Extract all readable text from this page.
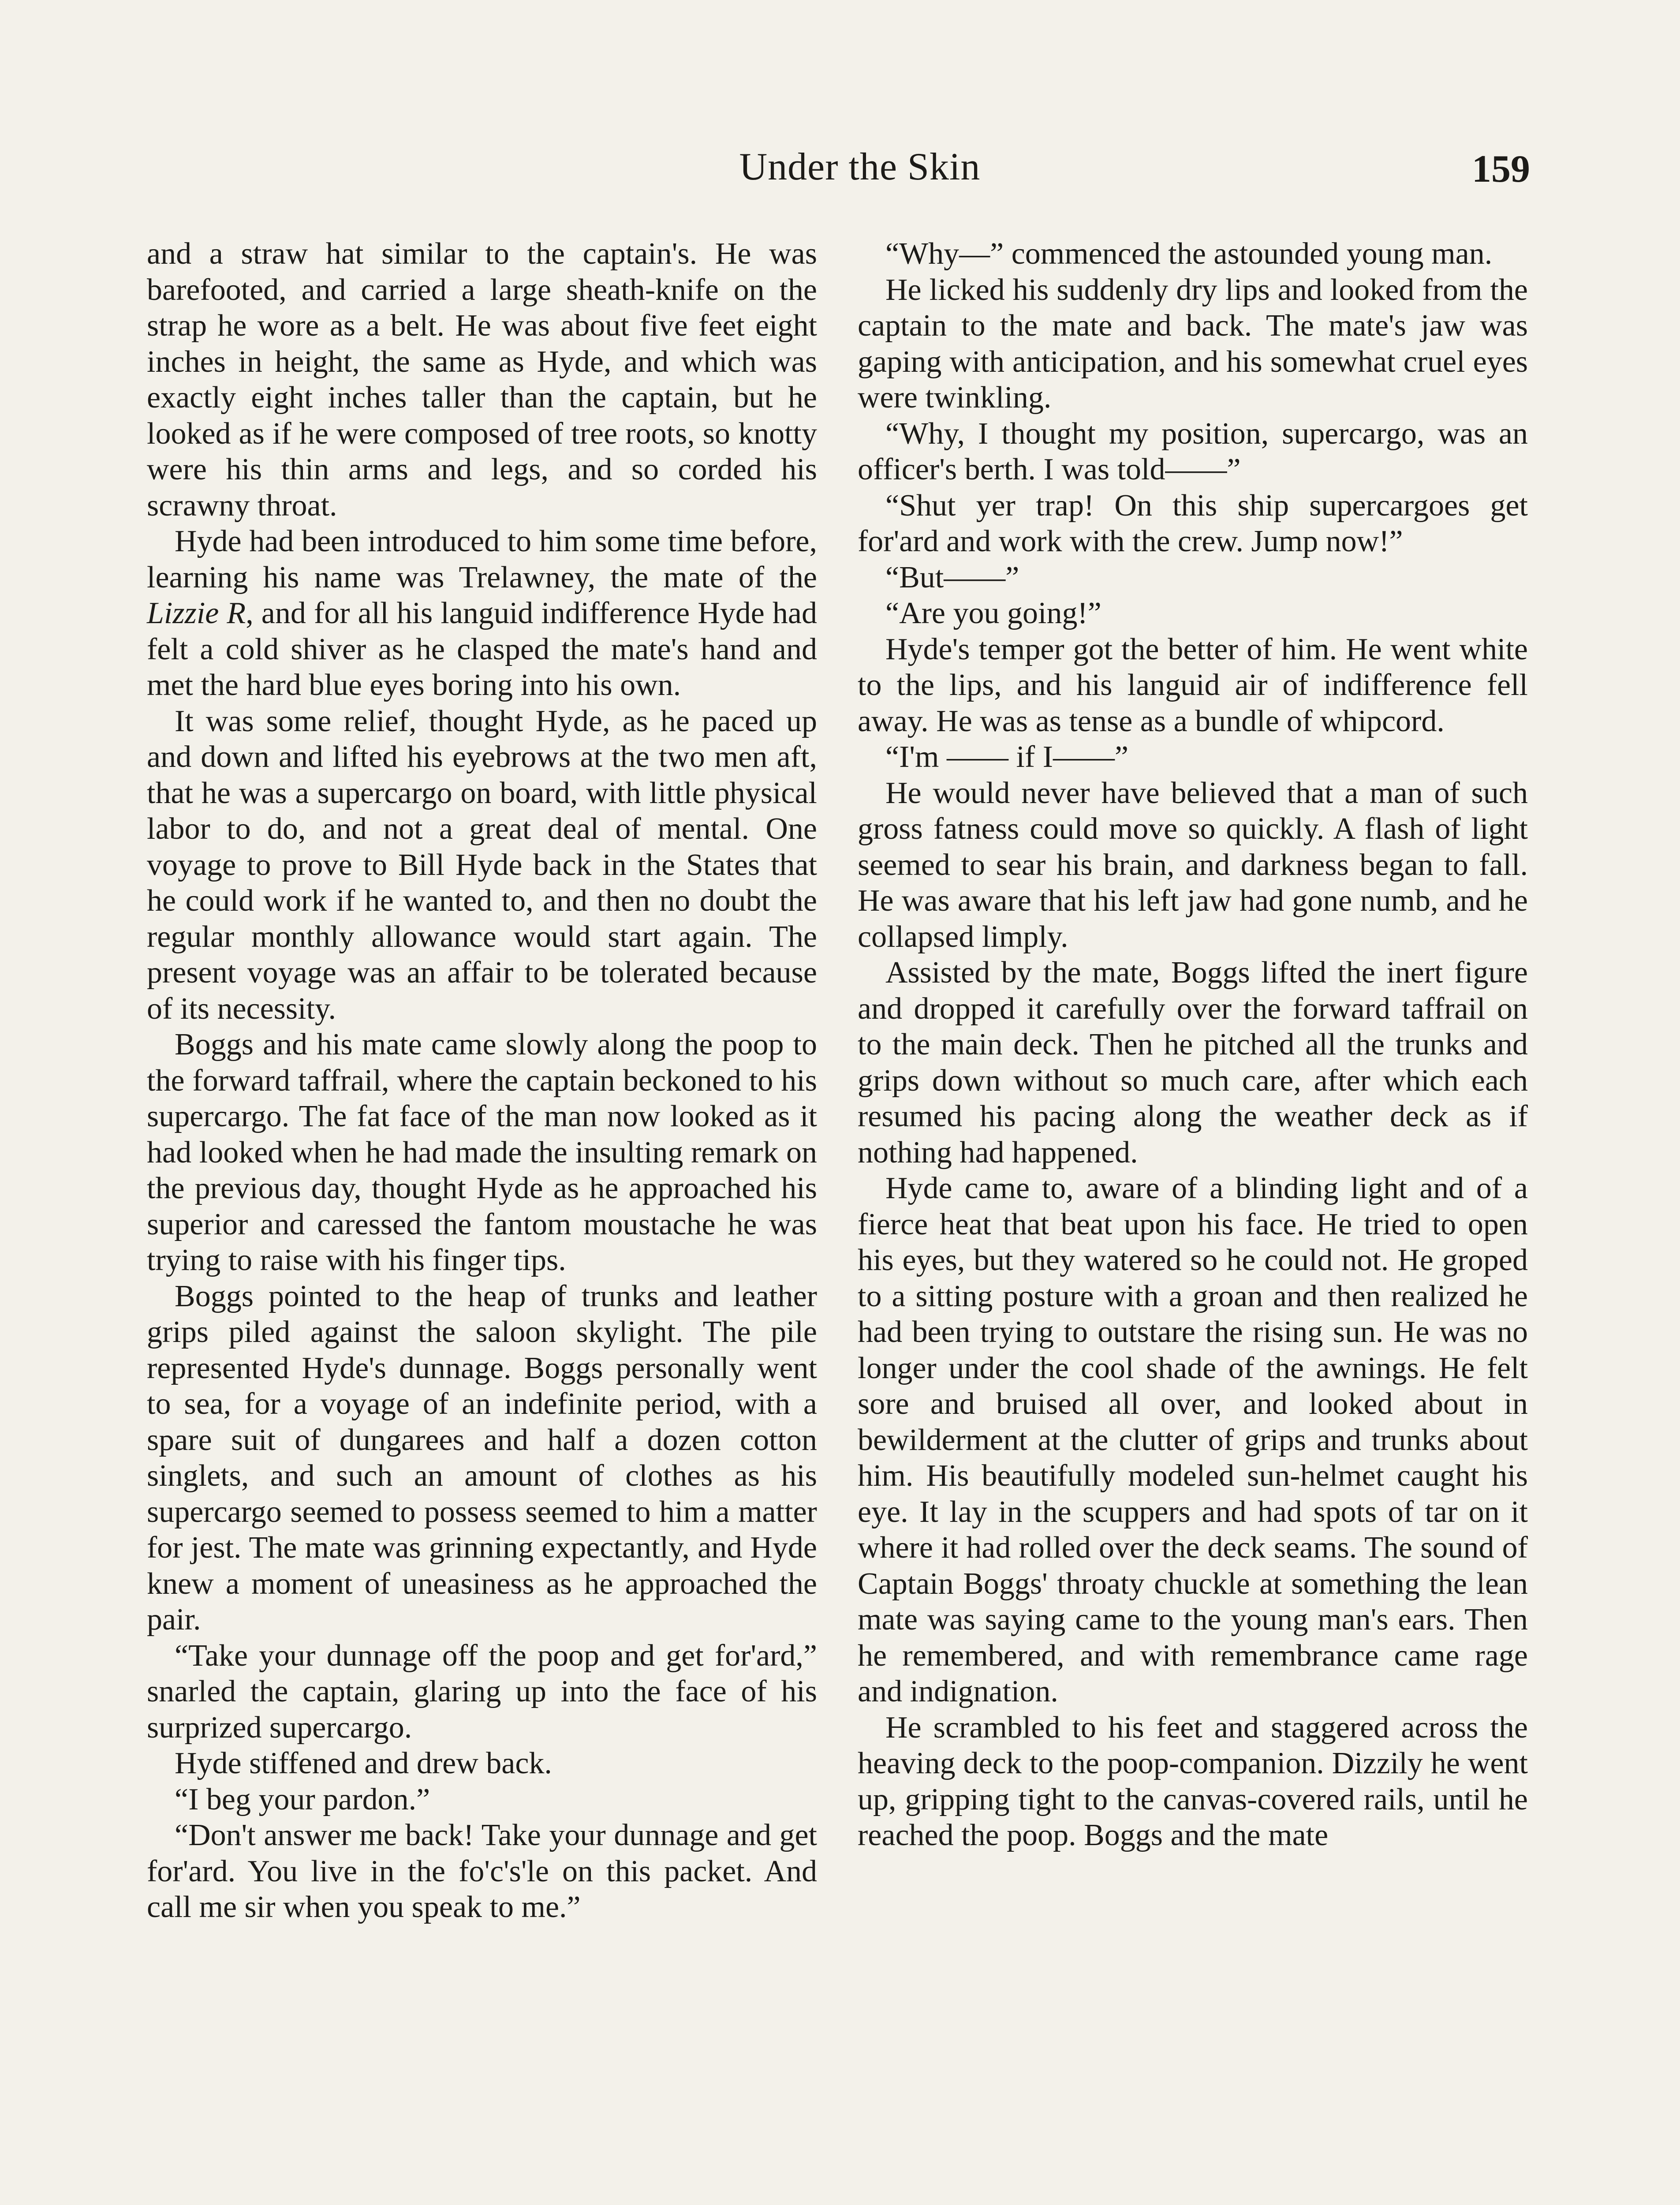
Under the Skin	159

and a straw hat similar to the captain's. He was barefooted, and carried a large sheath-knife on the strap he wore as a belt. He was about five feet eight inches in height, the same as Hyde, and which was exactly eight inches taller than the captain, but he looked as if he were composed of tree roots, so knotty were his thin arms and legs, and so corded his scrawny throat.

Hyde had been introduced to him some time before, learning his name was Trelawney, the mate of the Lizzie R, and for all his languid indifference Hyde had felt a cold shiver as he clasped the mate's hand and met the hard blue eyes boring into his own.

It was some relief, thought Hyde, as he paced up and down and lifted his eyebrows at the two men aft, that he was a supercargo on board, with little physical labor to do, and not a great deal of mental. One voyage to prove to Bill Hyde back in the States that he could work if he wanted to, and then no doubt the regular monthly allowance would start again. The present voyage was an affair to be tolerated because of its necessity.

Boggs and his mate came slowly along the poop to the forward taffrail, where the captain beckoned to his supercargo. The fat face of the man now looked as it had looked when he had made the insulting remark on the previous day, thought Hyde as he approached his superior and caressed the fantom moustache he was trying to raise with his finger tips.

Boggs pointed to the heap of trunks and leather grips piled against the saloon skylight. The pile represented Hyde's dunnage. Boggs personally went to sea, for a voyage of an indefinite period, with a spare suit of dungarees and half a dozen cotton singlets, and such an amount of clothes as his supercargo seemed to possess seemed to him a matter for jest. The mate was grinning expectantly, and Hyde knew a moment of uneasiness as he approached the pair.

“Take your dunnage off the poop and get for'ard,” snarled the captain, glaring up into the face of his surprized supercargo.

Hyde stiffened and drew back.

“I beg your pardon.”

“Don't answer me back! Take your dunnage and get for'ard. You live in the fo'c's'le on this packet. And call me sir when you speak to me.”

“Why—” commenced the astounded young man.

He licked his suddenly dry lips and looked from the captain to the mate and back. The mate's jaw was gaping with anticipation, and his somewhat cruel eyes were twinkling.

“Why, I thought my position, supercargo, was an officer's berth. I was told——”

“Shut yer trap! On this ship supercargoes get for'ard and work with the crew. Jump now!”

“But——”

“Are you going!”

Hyde's temper got the better of him. He went white to the lips, and his languid air of indifference fell away. He was as tense as a bundle of whipcord.

“I'm —— if I——”

He would never have believed that a man of such gross fatness could move so quickly. A flash of light seemed to sear his brain, and darkness began to fall. He was aware that his left jaw had gone numb, and he collapsed limply.

Assisted by the mate, Boggs lifted the inert figure and dropped it carefully over the forward taffrail on to the main deck. Then he pitched all the trunks and grips down without so much care, after which each resumed his pacing along the weather deck as if nothing had happened.

Hyde came to, aware of a blinding light and of a fierce heat that beat upon his face. He tried to open his eyes, but they watered so he could not. He groped to a sitting posture with a groan and then realized he had been trying to outstare the rising sun. He was no longer under the cool shade of the awnings. He felt sore and bruised all over, and looked about in bewilderment at the clutter of grips and trunks about him. His beautifully modeled sun-helmet caught his eye. It lay in the scuppers and had spots of tar on it where it had rolled over the deck seams. The sound of Captain Boggs' throaty chuckle at something the lean mate was saying came to the young man's ears. Then he remembered, and with remembrance came rage and indignation.

He scrambled to his feet and staggered across the heaving deck to the poop-companion. Dizzily he went up, gripping tight to the canvas-covered rails, until he reached the poop. Boggs and the mate
